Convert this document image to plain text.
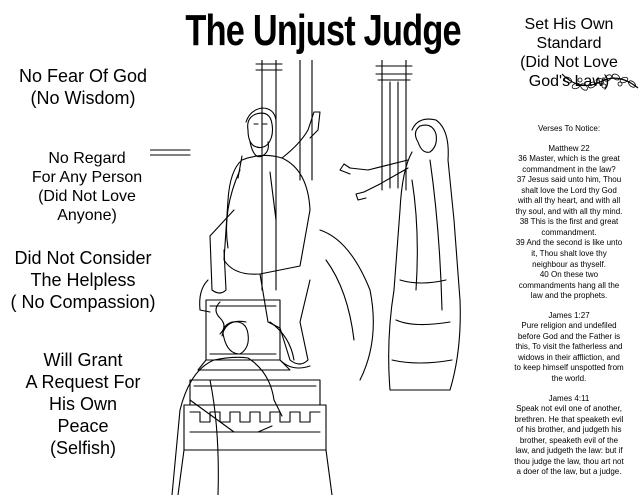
The Unjust Judge
No Fear Of God
(No Wisdom)
No Regard
For Any Person
(Did Not Love
Anyone)
Did Not Consider
The Helpless
( No Compassion)
Will Grant
A Request For
His Own
Peace
(Selfish)
Set His Own
Standard
(Did Not Love
God's Law)
Verses To Notice:
Matthew 22
36 Master, which is the great
commandment in the law?
37 Jesus said unto him, Thou
shalt love the Lord thy God
with all thy heart, and with all
thy soul, and with all thy mind.
38 This is the first and great
commandment.
39 And the second is like unto
it, Thou shalt love thy
neighbour as thyself.
40 On these two
commandments hang all the
law and the prophets.
James 1:27
Pure religion and undefiled
before God and the Father is
this, To visit the fatherless and
widows in their affliction, and
to keep himself unspotted from
the world.
James 4:11
Speak not evil one of another,
brethren. He that speaketh evil
of his brother, and judgeth his
brother, speaketh evil of the
law, and judgeth the law: but if
thou judge the law, thou art not
a doer of the law, but a judge.
